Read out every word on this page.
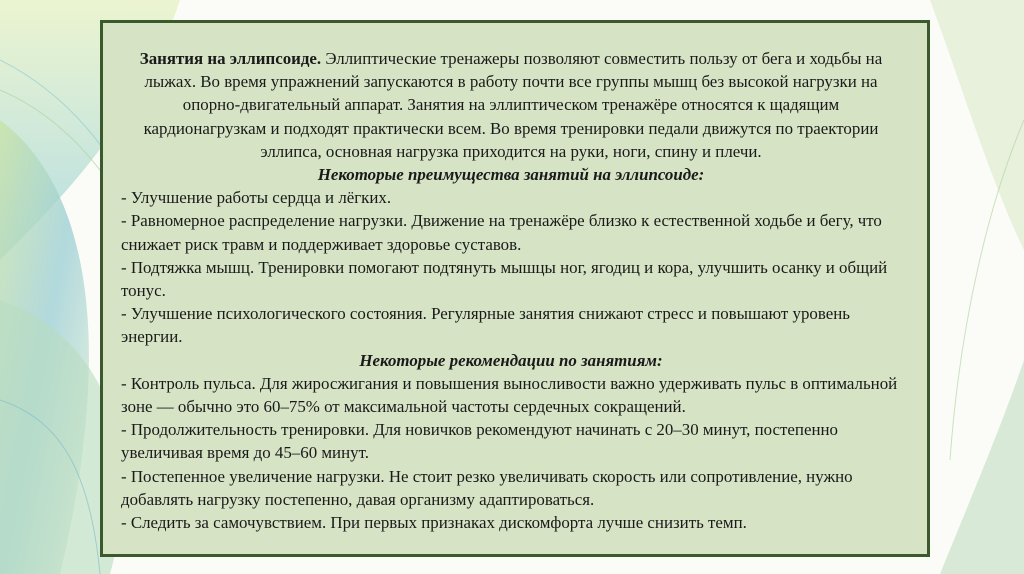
Занятия на эллипсоиде. Эллиптические тренажеры позволяют совместить пользу от бега и ходьбы на лыжах. Во время упражнений запускаются в работу почти все группы мышц без высокой нагрузки на опорно-двигательный аппарат. Занятия на эллиптическом тренажёре относятся к щадящим кардионагрузкам и подходят практически всем. Во время тренировки педали движутся по траектории эллипса, основная нагрузка приходится на руки, ноги, спину и плечи.

Некоторые преимущества занятий на эллипсоиде:

- Улучшение работы сердца и лёгких.

- Равномерное распределение нагрузки. Движение на тренажёре близко к естественной ходьбе и бегу, что снижает риск травм и поддерживает здоровье суставов.

- Подтяжка мышц. Тренировки помогают подтянуть мышцы ног, ягодиц и кора, улучшить осанку и общий тонус.

- Улучшение психологического состояния. Регулярные занятия снижают стресс и повышают уровень энергии.

Некоторые рекомендации по занятиям:

- Контроль пульса. Для жиросжигания и повышения выносливости важно удерживать пульс в оптимальной зоне — обычно это 60–75% от максимальной частоты сердечных сокращений.

- Продолжительность тренировки. Для новичков рекомендуют начинать с 20–30 минут, постепенно увеличивая время до 45–60 минут.

- Постепенное увеличение нагрузки. Не стоит резко увеличивать скорость или сопротивление, нужно добавлять нагрузку постепенно, давая организму адаптироваться.

- Следить за самочувствием. При первых признаках дискомфорта лучше снизить темп.
